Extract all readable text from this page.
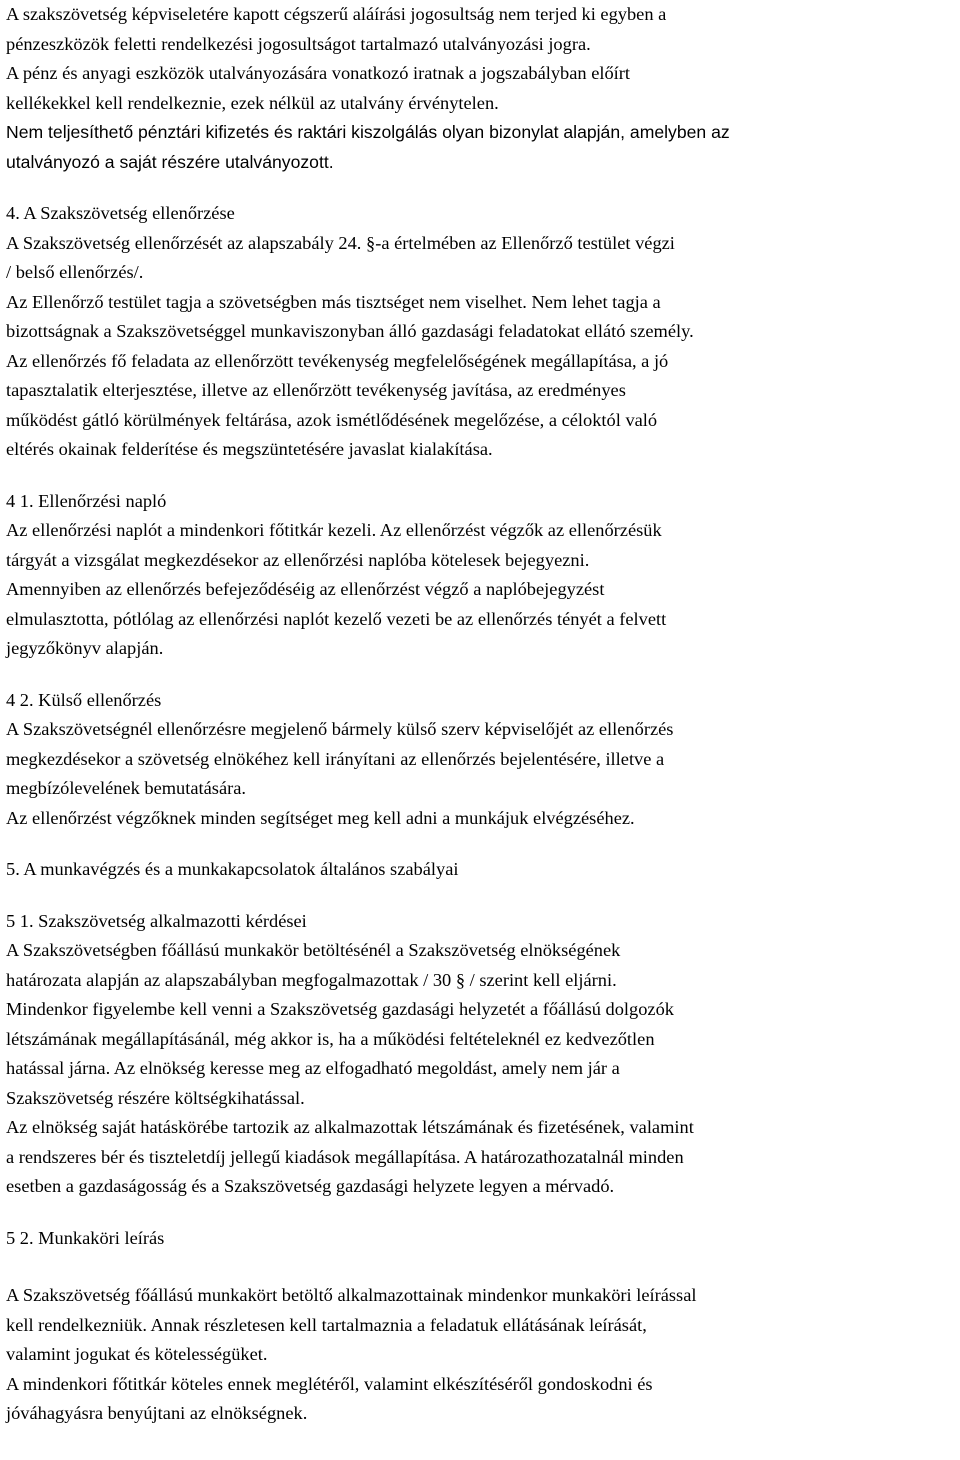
A szakszövetség képviseletére kapott cégszerű aláírási jogosultság nem terjed ki egyben a
pénzeszközök feletti rendelkezési jogosultságot tartalmazó utalványozási jogra.
A pénz és anyagi eszközök utalványozására vonatkozó iratnak a jogszabályban előírt
kellékekkel kell rendelkeznie, ezek nélkül az utalvány érvénytelen.
Nem teljesíthető pénztári kifizetés és raktári kiszolgálás olyan bizonylat alapján, amelyben az
utalványozó a saját részére utalványozott.
4. A Szakszövetség ellenőrzése
A Szakszövetség ellenőrzését az alapszabály 24. §-a értelmében az Ellenőrző testület végzi
/ belső ellenőrzés/.
Az Ellenőrző testület tagja a szövetségben más tisztséget nem viselhet. Nem lehet tagja a
bizottságnak a Szakszövetséggel munkaviszonyban álló gazdasági feladatokat ellátó személy.
Az ellenőrzés fő feladata az ellenőrzött tevékenység megfelelőségének megállapítása, a jó
tapasztalatik elterjesztése, illetve az ellenőrzött tevékenység javítása, az eredményes
működést gátló körülmények feltárása, azok ismétlődésének megelőzése, a céloktól való
eltérés okainak felderítése és megszüntetésére javaslat kialakítása.
4 1. Ellenőrzési napló
Az ellenőrzési naplót a mindenkori főtitkár kezeli. Az ellenőrzést végzők az ellenőrzésük
tárgyát a vizsgálat megkezdésekor az ellenőrzési naplóba kötelesek bejegyezni.
Amennyiben az ellenőrzés befejeződéséig az ellenőrzést végző a naplóbejegyzést
elmulasztotta, pótlólag az ellenőrzési naplót kezelő vezeti be az ellenőrzés tényét a felvett
jegyzőkönyv alapján.
4 2. Külső ellenőrzés
A Szakszövetségnél ellenőrzésre megjelenő bármely külső szerv képviselőjét az ellenőrzés
megkezdésekor a szövetség elnökéhez kell irányítani az ellenőrzés bejelentésére, illetve a
megbízólevelének bemutatására.
Az ellenőrzést végzőknek minden segítséget meg kell adni a munkájuk elvégzéséhez.
5. A munkavégzés és a munkakapcsolatok általános szabályai
5 1. Szakszövetség alkalmazotti kérdései
A Szakszövetségben főállású munkakör betöltésénél a Szakszövetség elnökségének
határozata alapján az alapszabályban megfogalmazottak / 30 § / szerint kell eljárni.
Mindenkor figyelembe kell venni a Szakszövetség gazdasági helyzetét a főállású dolgozók
létszámának megállapításánál, még akkor is, ha a működési feltételeknél ez kedvezőtlen
hatással járna. Az elnökség keresse meg az elfogadható megoldást, amely nem jár a
Szakszövetség részére költségkihatással.
Az elnökség saját hatáskörébe tartozik az alkalmazottak létszámának és fizetésének, valamint
a rendszeres bér és tiszteletdíj jellegű kiadások megállapítása. A határozathozatalnál minden
esetben a gazdaságosság és a Szakszövetség gazdasági helyzete legyen a mérvadó.
5 2. Munkaköri leírás
A Szakszövetség főállású munkakört betöltő alkalmazottainak mindenkor munkaköri leírással
kell rendelkezniük. Annak részletesen kell tartalmaznia a feladatuk ellátásának leírását,
valamint jogukat és kötelességüket.
A mindenkori főtitkár köteles ennek meglétéről, valamint elkészítéséről gondoskodni és
jóváhagyásra benyújtani az elnökségnek.
